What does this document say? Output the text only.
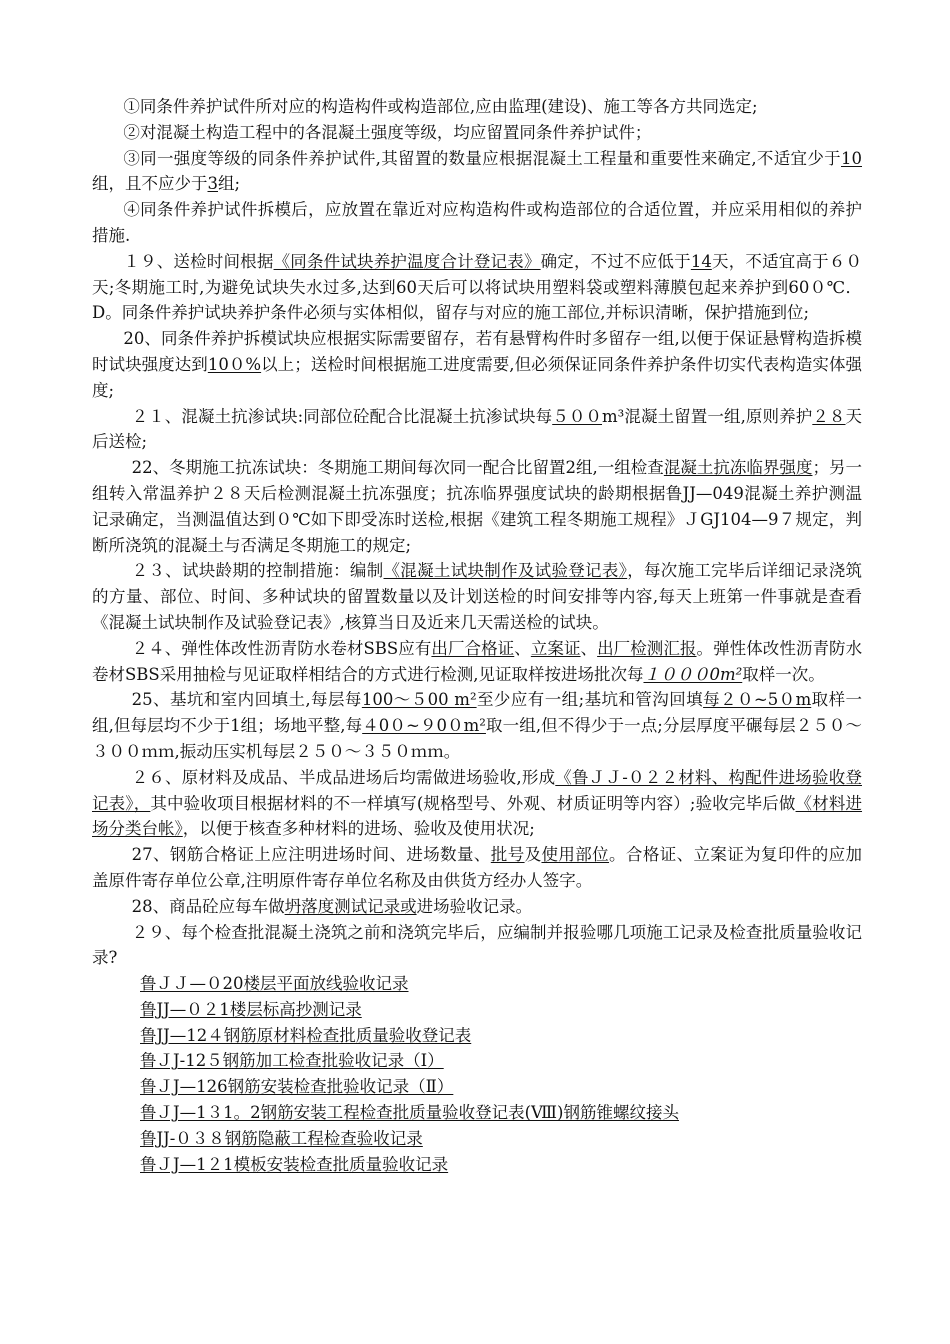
①同条件养护试件所对应的构造构件或构造部位,应由监理(建设)、施工等各方共同选定;

②对混凝土构造工程中的各混凝土强度等级，均应留置同条件养护试件；

③同一强度等级的同条件养护试件,其留置的数量应根据混凝土工程量和重要性来确定,不适宜少于10组，且不应少于3组;

④同条件养护试件拆模后，应放置在靠近对应构造构件或构造部位的合适位置，并应采用相似的养护措施.

１９、送检时间根据《同条件试块养护温度合计登记表》确定，不过不应低于14天，不适宜高于６０天;冬期施工时,为避免试块失水过多,达到60天后可以将试块用塑料袋或塑料薄膜包起来养护到60０℃．D。同条件养护试块养护条件必须与实体相似，留存与对应的施工部位,并标识清晰，保护措施到位;

20、同条件养护拆模试块应根据实际需要留存，若有悬臂构件时多留存一组,以便于保证悬臂构造拆模时试块强度达到10０%以上；送检时间根据施工进度需要,但必须保证同条件养护条件切实代表构造实体强度;

２１、混凝土抗渗试块:同部位砼配合比混凝土抗渗试块每５００m³混凝土留置一组,原则养护２８天后送检;

22、冬期施工抗冻试块：冬期施工期间每次同一配合比留置2组,一组检查混凝土抗冻临界强度；另一组转入常温养护２８天后检测混凝土抗冻强度；抗冻临界强度试块的龄期根据鲁JJ—049混凝土养护测温记录确定，当测温值达到０℃如下即受冻时送检,根据《建筑工程冬期施工规程》ＪGJ104—9７规定，判断所浇筑的混凝土与否满足冬期施工的规定;

２３、试块龄期的控制措施：编制《混凝土试块制作及试验登记表》，每次施工完毕后详细记录浇筑的方量、部位、时间、多种试块的留置数量以及计划送检的时间安排等内容,每天上班第一件事就是查看《混凝土试块制作及试验登记表》,核算当日及近来几天需送检的试块。

２４、弹性体改性沥青防水卷材SBS应有出厂合格证、立案证、出厂检测汇报。弹性体改性沥青防水卷材SBS采用抽检与见证取样相结合的方式进行检测,见证取样按进场批次每１０００0m²取样一次。

25、基坑和室内回填土,每层每100～５00 m²至少应有一组;基坑和管沟回填每２０~5０m取样一组,但每层均不少于1组；场地平整,每４0０~９0０m²取一组,但不得少于一点;分层厚度平碾每层２５０～３００ｍｍ,振动压实机每层２５０～３５０ｍｍ。

２６、原材料及成品、半成品进场后均需做进场验收,形成《鲁ＪＪ-０２２材料、构配件进场验收登记表》，其中验收项目根据材料的不一样填写(规格型号、外观、材质证明等内容）;验收完毕后做《材料进场分类台帐》，以便于核查多种材料的进场、验收及使用状况;

27、钢筋合格证上应注明进场时间、进场数量、批号及使用部位。合格证、立案证为复印件的应加盖原件寄存单位公章,注明原件寄存单位名称及由供货方经办人签字。

28、商品砼应每车做坍落度测试记录或进场验收记录。

２９、每个检查批混凝土浇筑之前和浇筑完毕后，应编制并报验哪几项施工记录及检查批质量验收记录?

鲁ＪＪ—０20楼层平面放线验收记录
鲁JJ—０２1楼层标高抄测记录
鲁JJ—12４钢筋原材料检查批质量验收登记表
鲁ＪJ-12５钢筋加工检查批验收记录（Ⅰ）
鲁ＪJ—126钢筋安装检查批验收记录（Ⅱ）
鲁ＪJ—1３1。2钢筋安装工程检查批质量验收登记表(Ⅷ)钢筋锥螺纹接头
鲁JJ-０３８钢筋隐蔽工程检查验收记录
鲁ＪJ—1２1模板安装检查批质量验收记录
